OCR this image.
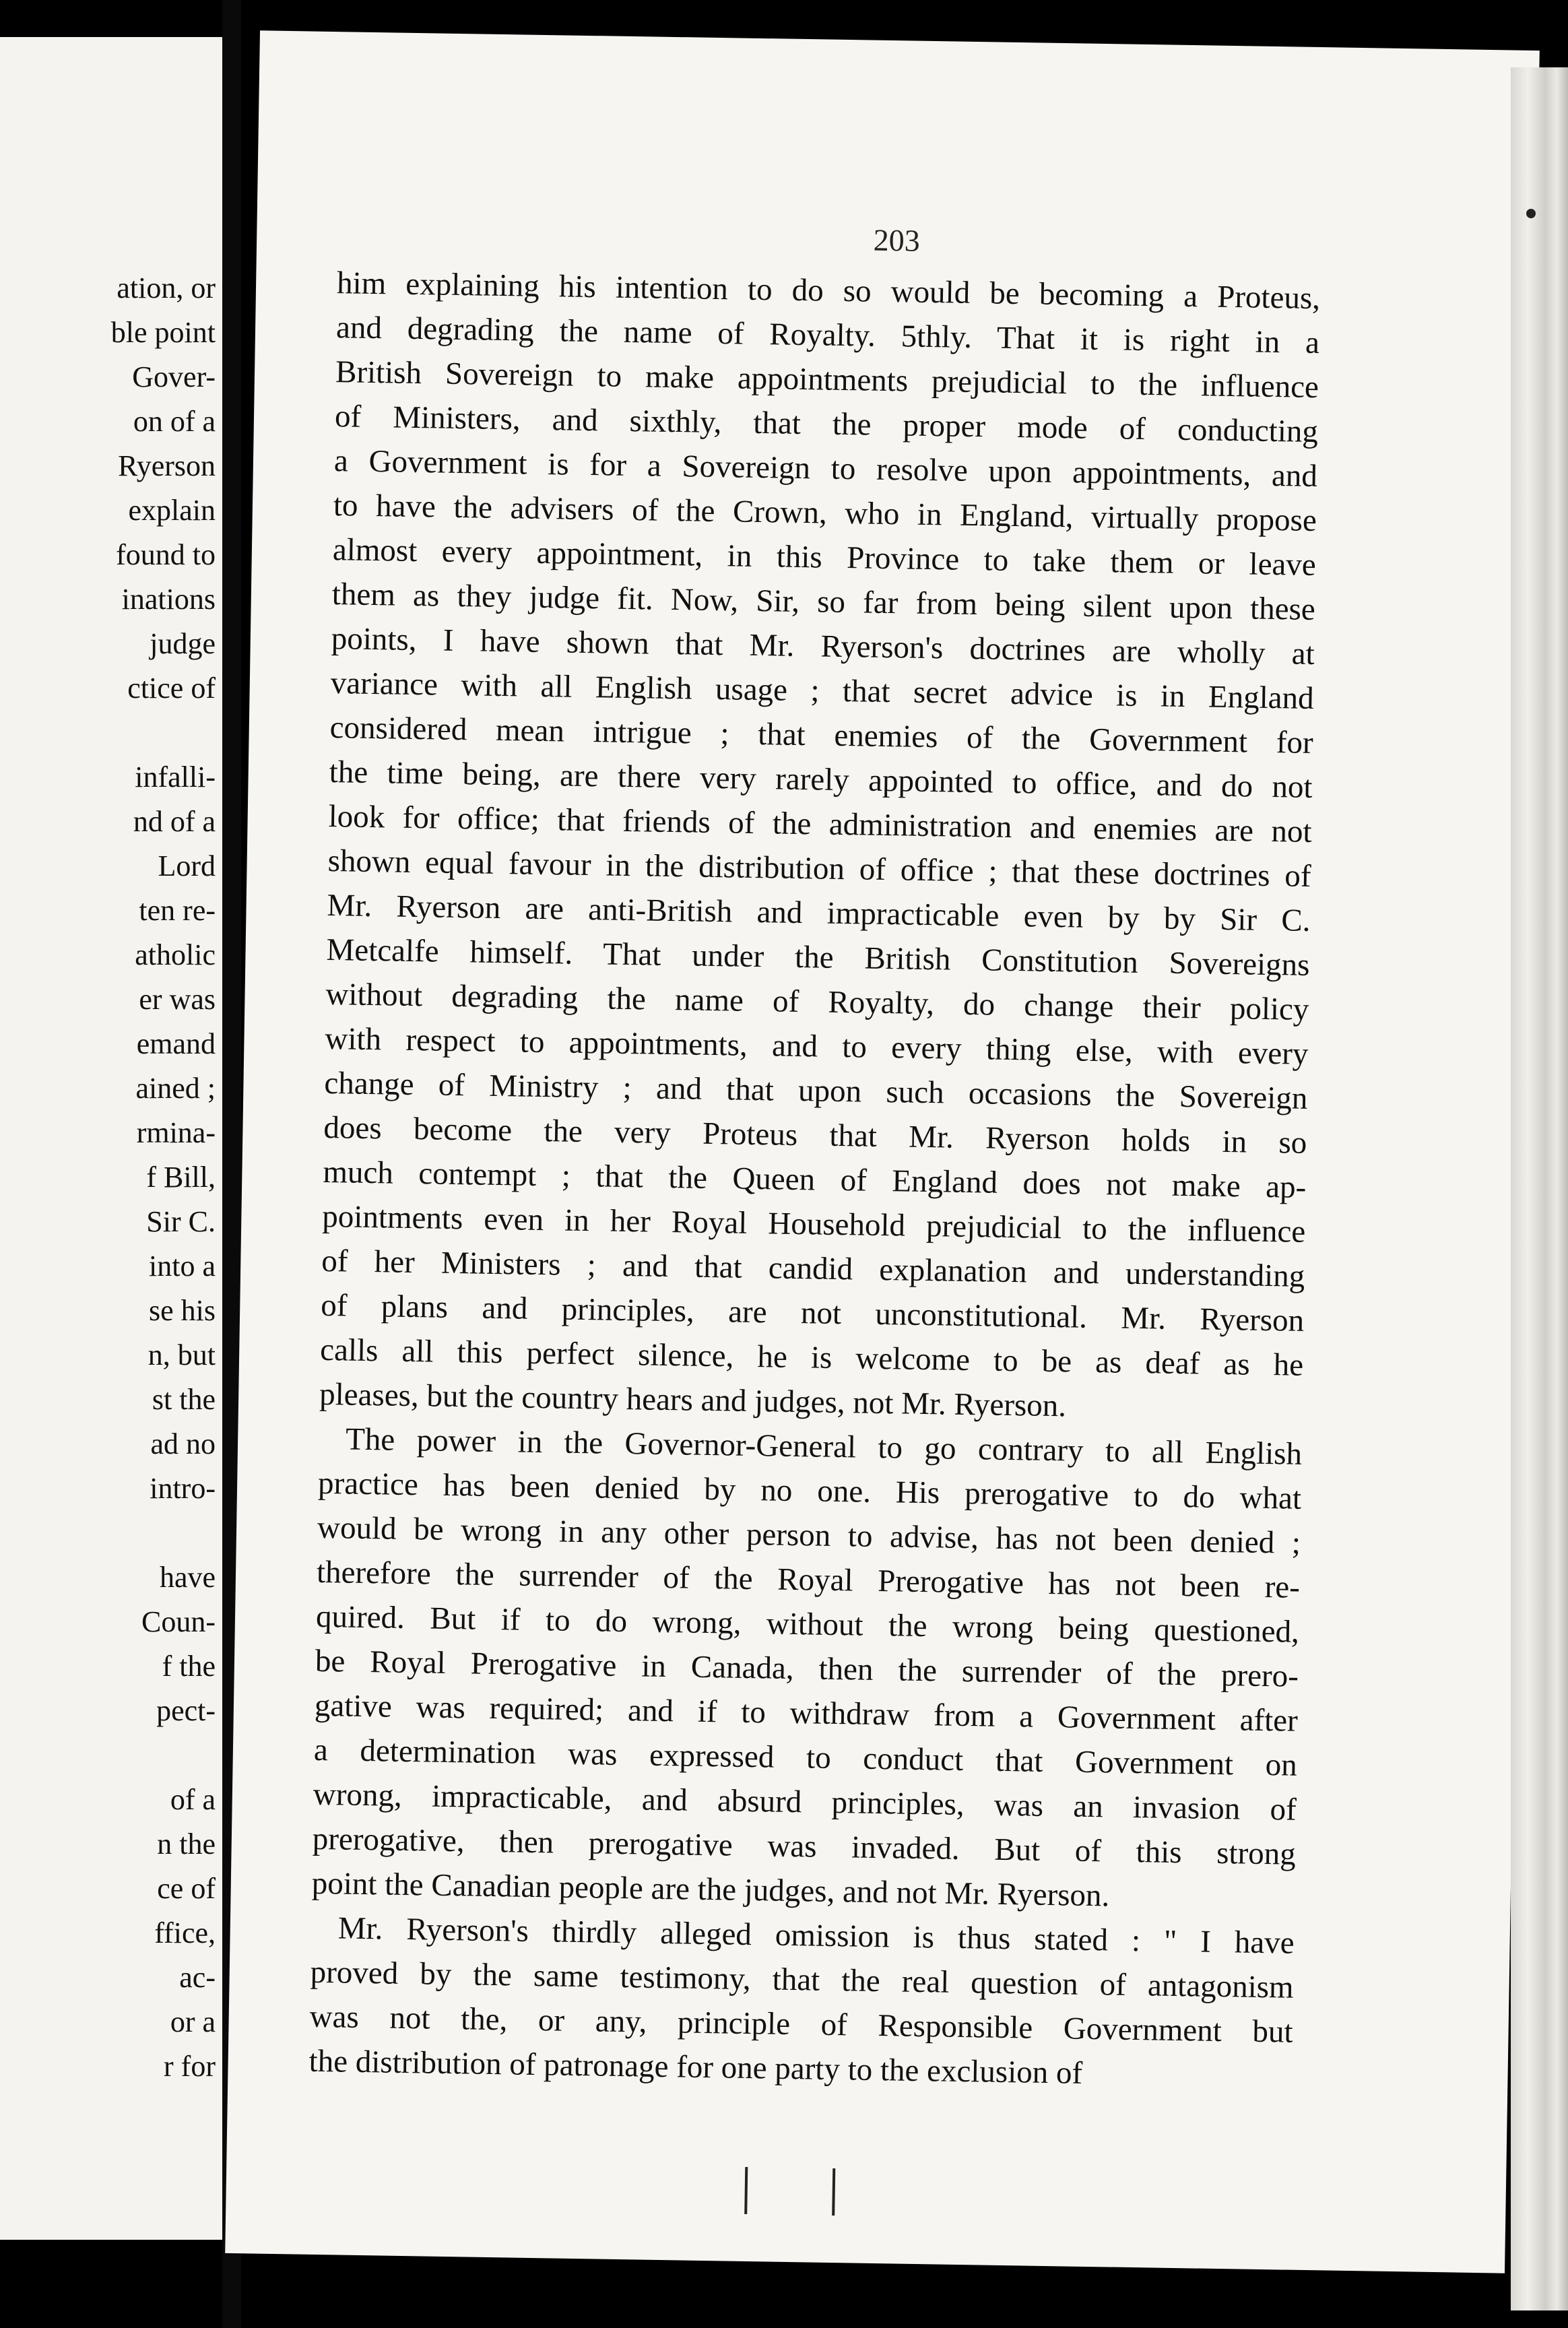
ation, or
ble point
Gover-
on of a
Ryerson
explain
found to
inations
judge
ctice of
infalli-
nd of a
Lord
ten re-
atholic
er was
emand
ained ;
rmina-
f Bill,
Sir C.
into a
se his
n, but
st the
ad no
intro-
have
Coun-
f the
pect-
of a
n the
ce of
ffice,
ac-
or a
r for
203

him explaining his intention to do so would be becoming a Proteus,
and degrading the name of Royalty. 5thly. That it is right in a
British Sovereign to make appointments prejudicial to the influence
of Ministers, and sixthly, that the proper mode of conducting
a Government is for a Sovereign to resolve upon appointments, and
to have the advisers of the Crown, who in England, virtually propose
almost every appointment, in this Province to take them or leave
them as they judge fit. Now, Sir, so far from being silent upon these
points, I have shown that Mr. Ryerson's doctrines are wholly at
variance with all English usage ; that secret advice is in England
considered mean intrigue ; that enemies of the Government for
the time being, are there very rarely appointed to office, and do not
look for office; that friends of the administration and enemies are not
shown equal favour in the distribution of office ; that these doctrines of
Mr. Ryerson are anti-British and impracticable even by by Sir C.
Metcalfe himself. That under the British Constitution Sovereigns
without degrading the name of Royalty, do change their policy
with respect to appointments, and to every thing else, with every
change of Ministry ; and that upon such occasions the Sovereign
does become the very Proteus that Mr. Ryerson holds in so
much contempt ; that the Queen of England does not make ap-
pointments even in her Royal Household prejudicial to the influence
of her Ministers ; and that candid explanation and understanding
of plans and principles, are not unconstitutional. Mr. Ryerson
calls all this perfect silence, he is welcome to be as deaf as he
pleases, but the country hears and judges, not Mr. Ryerson.

The power in the Governor-General to go contrary to all English
practice has been denied by no one. His prerogative to do what
would be wrong in any other person to advise, has not been denied ;
therefore the surrender of the Royal Prerogative has not been re-
quired. But if to do wrong, without the wrong being questioned,
be Royal Prerogative in Canada, then the surrender of the prero-
gative was required; and if to withdraw from a Government after
a determination was expressed to conduct that Government on
wrong, impracticable, and absurd principles, was an invasion of
prerogative, then prerogative was invaded. But of this strong
point the Canadian people are the judges, and not Mr. Ryerson.

Mr. Ryerson's thirdly alleged omission is thus stated : " I have
proved by the same testimony, that the real question of antagonism
was not the, or any, principle of Responsible Government but
the distribution of patronage for one party to the exclusion of
